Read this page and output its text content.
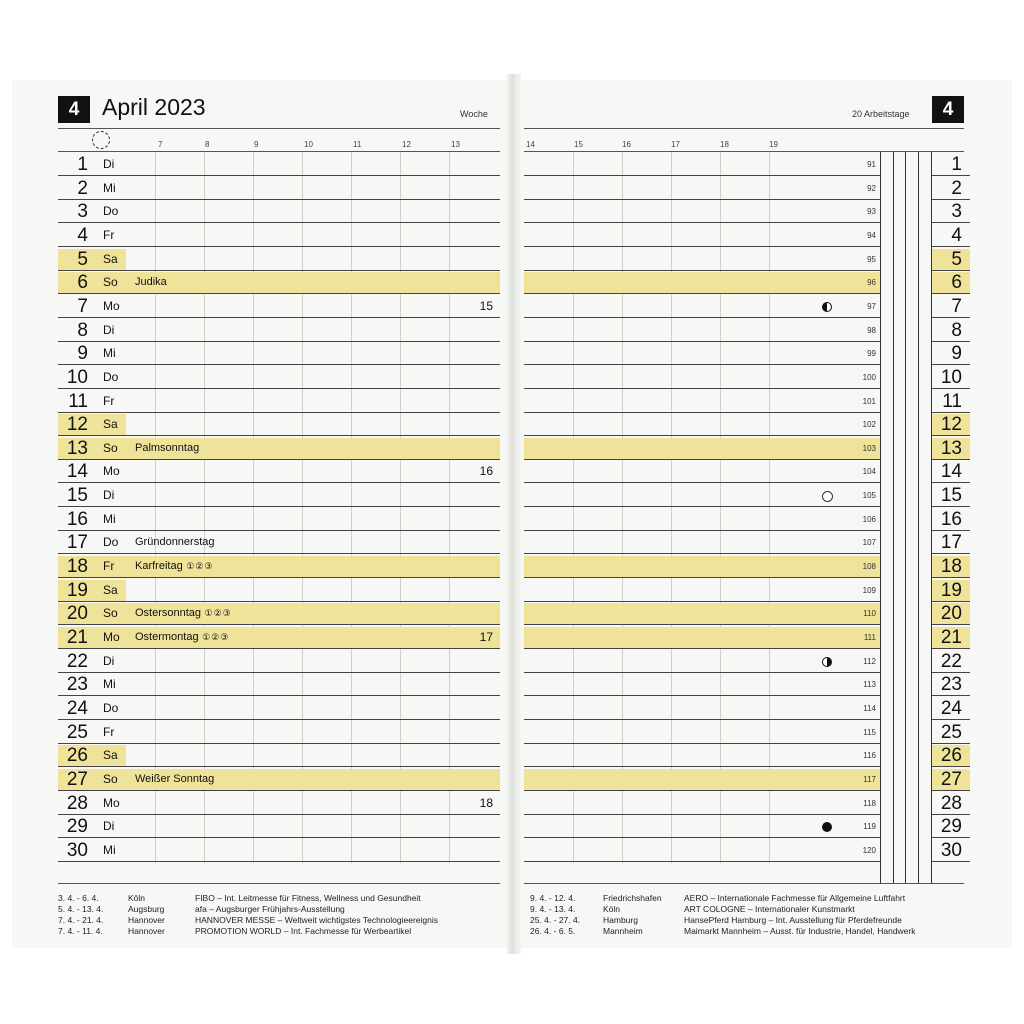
4 April 2023	Woche	20 Arbeitstage	4
7	8	9	10	11	12	13	14	15	16	17	18	19
1 Di	91	1
2 Mi	92	2
3 Do	93	3
4 Fr	94	4
5 Sa	95	5
6 So Judika	96	6
7 Mo	15	97	7
8 Di	98	8
9 Mi	99	9
10 Do	100	10
11 Fr	101	11
12 Sa	102	12
13 So Palmsonntag	103	13
14 Mo	16	104	14
15 Di	105	15
16 Mi	106	16
17 Do Gründonnerstag	107	17
18 Fr Karfreitag ①②③	108	18
19 Sa	109	19
20 So Ostersonntag ①②③	110	20
21 Mo Ostermontag ①②③	17	111	21
22 Di	112	22
23 Mi	113	23
24 Do	114	24
25 Fr	115	25
26 Sa	116	26
27 So Weißer Sonntag	117	27
28 Mo	18	118	28
29 Di	119	29
30 Mi	120	30
3. 4. - 6. 4.	Köln	FIBO – Int. Leitmesse für Fitness, Wellness und Gesundheit
5. 4. - 13. 4.	Augsburg	afa – Augsburger Frühjahrs-Ausstellung
7. 4. - 21. 4.	Hannover	HANNOVER MESSE – Weltweit wichtigstes Technologieereignis
7. 4. - 11. 4.	Hannover	PROMOTION WORLD – Int. Fachmesse für Werbeartikel
9. 4. - 12. 4.	Friedrichshafen	AERO – Internationale Fachmesse für Allgemeine Luftfahrt
9. 4. - 13. 4.	Köln	ART COLOGNE – Internationaler Kunstmarkt
25. 4. - 27. 4.	Hamburg	HansePferd Hamburg – Int. Ausstellung für Pferdefreunde
26. 4. - 6. 5.	Mannheim	Maimarkt Mannheim – Ausst. für Industrie, Handel, Handwerk
